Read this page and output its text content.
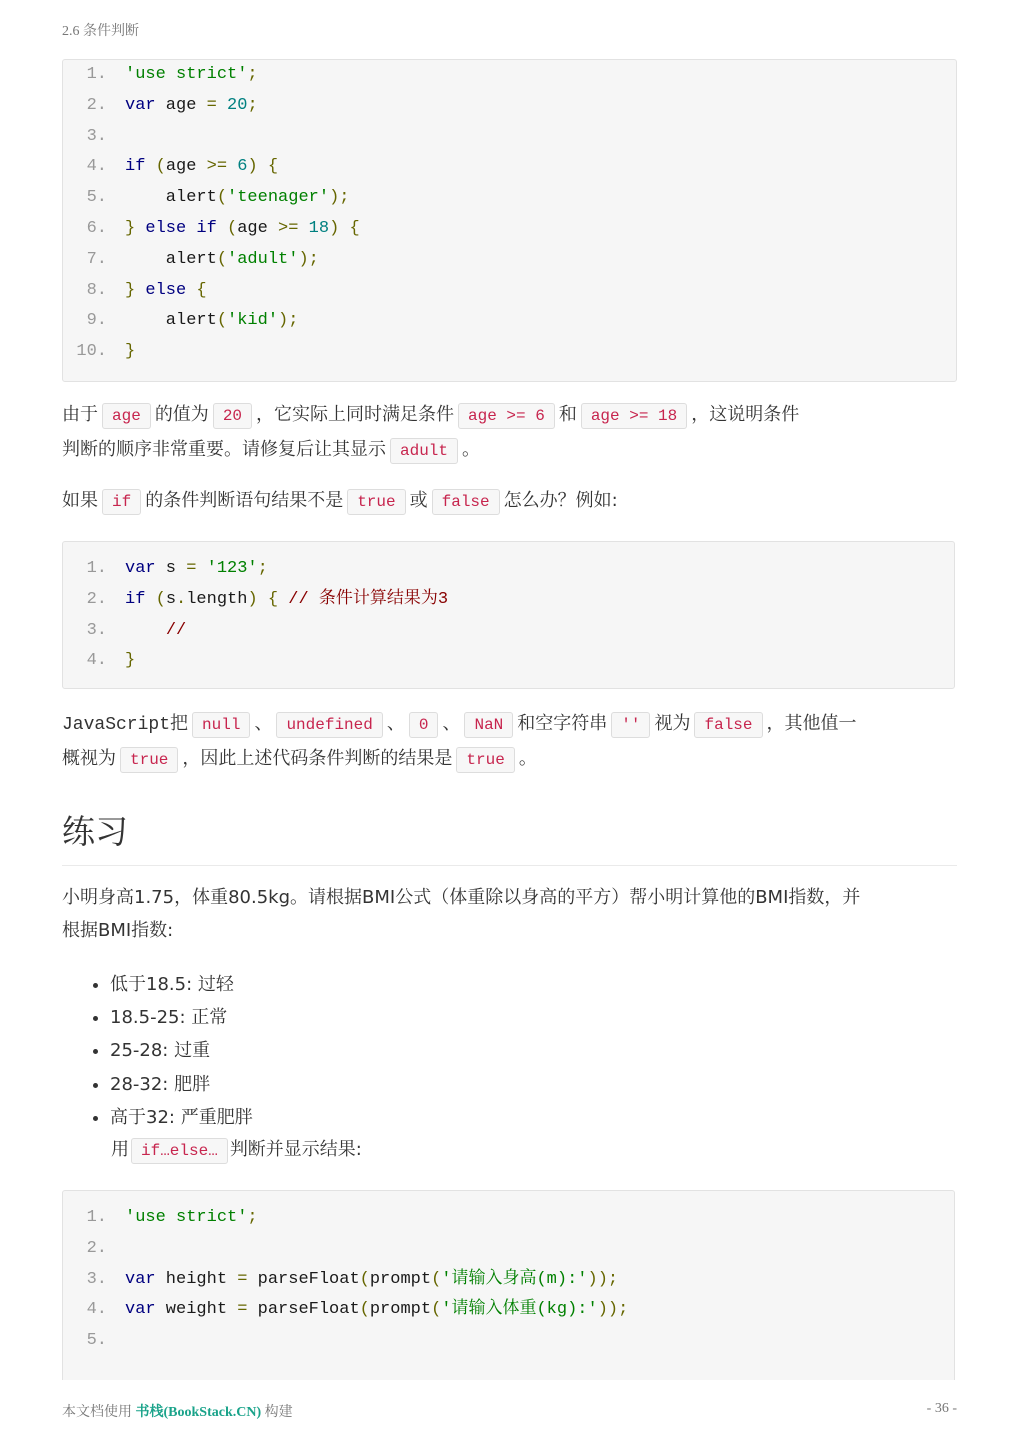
2.6 条件判断
1. 'use strict';
2. var age = 20;
3.
4. if (age >= 6) {
5. alert('teenager');
6. } else if (age >= 18) {
7. alert('adult');
8. } else {
9. alert('kid');
10. }
由于 age 的值为 20 ，它实际上同时满足条件 age >= 6 和 age >= 18 ，这说明条件
判断的顺序非常重要。请修复后让其显示 adult 。
如果 if 的条件判断语句结果不是 true 或 false 怎么办？例如:
1. var s = '123';
2. if (s.length) { // 条件计算结果为3
3.	//
4. }
JavaScript把 null 、 undefined 、 0 、 NaN 和空字符串 '' 视为 false ，其他值一
概视为 true ，因此上述代码条件判断的结果是 true 。
练习
小明身高1.75，体重80.5kg。请根据BMI公式（体重除以身高的平方）帮小明计算他的BMI指数，并
根据BMI指数:
• 低于18.5: 过轻
• 18.5-25: 正常
• 25-28: 过重
• 28-32: 肥胖
• 高于32: 严重肥胖
用 if…else… 判断并显示结果:
1. 'use strict';
2.
3. var height = parseFloat(prompt('请输入身高(m):'));
4. var weight = parseFloat(prompt('请输入体重(kg):'));
5.
本文档使用 书栈(BookStack.CN) 构建	- 36 -
